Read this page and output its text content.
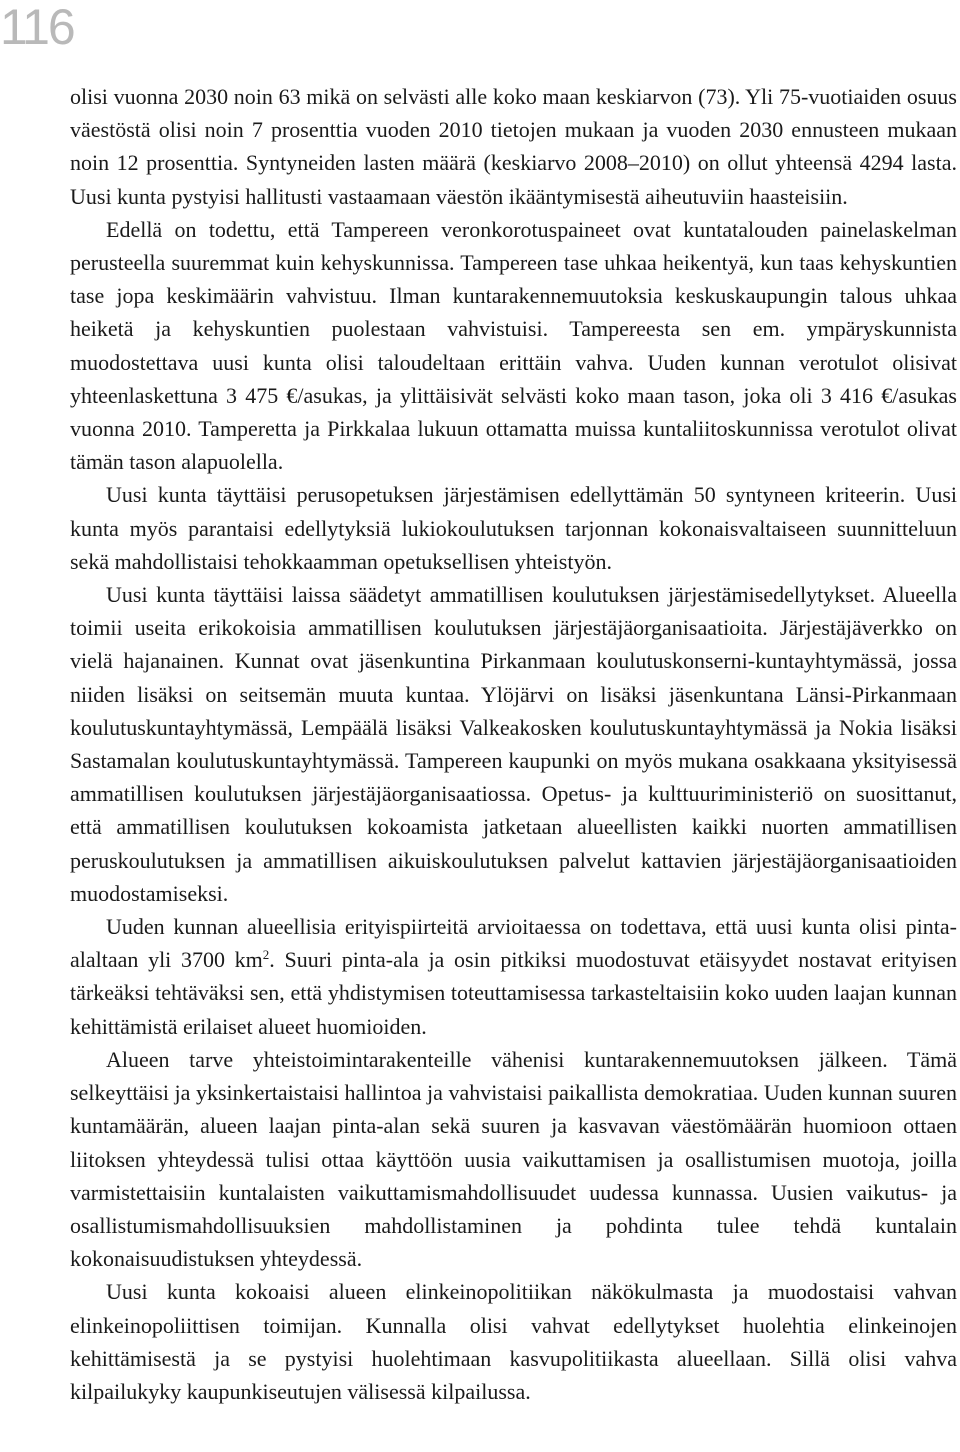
116

olisi vuonna 2030 noin 63 mikä on selvästi alle koko maan keskiarvon (73). Yli 75-vuotiaiden osuus väestöstä olisi noin 7 prosenttia vuoden 2010 tietojen mukaan ja vuoden 2030 ennusteen mukaan noin 12 prosenttia. Syntyneiden lasten määrä (keskiarvo 2008–2010) on ollut yhteensä 4294 lasta. Uusi kunta pystyisi hallitusti vastaamaan väestön ikääntymisestä aiheutuviin haasteisiin.

Edellä on todettu, että Tampereen veronkorotuspaineet ovat kuntatalouden painelaskelman perusteella suuremmat kuin kehyskunnissa. Tampereen tase uhkaa heikentyä, kun taas kehyskuntien tase jopa keskimäärin vahvistuu. Ilman kuntarakennemuutoksia keskuskaupungin talous uhkaa heiketä ja kehyskuntien puolestaan vahvistuisi. Tampereesta sen em. ympäryskunnista muodostettava uusi kunta olisi taloudeltaan erittäin vahva. Uuden kunnan verotulot olisivat yhteenlaskettuna 3 475 €/asukas, ja ylittäisivät selvästi koko maan tason, joka oli 3 416 €/asukas vuonna 2010. Tamperetta ja Pirkkalaa lukuun ottamatta muissa kuntaliitoskunnissa verotulot olivat tämän tason alapuolella.

Uusi kunta täyttäisi perusopetuksen järjestämisen edellyttämän 50 syntyneen kriteerin. Uusi kunta myös parantaisi edellytyksiä lukiokoulutuksen tarjonnan kokonaisvaltaiseen suunnitteluun sekä mahdollistaisi tehokkaamman opetuksellisen yhteistyön.

Uusi kunta täyttäisi laissa säädetyt ammatillisen koulutuksen järjestämisedellytykset. Alueella toimii useita erikokoisia ammatillisen koulutuksen järjestäjäorganisaatioita. Järjestäjäverkko on vielä hajanainen. Kunnat ovat jäsenkuntina Pirkanmaan koulutuskonserni-kuntayhtymässä, jossa niiden lisäksi on seitsemän muuta kuntaa. Ylöjärvi on lisäksi jäsenkuntana Länsi-Pirkanmaan koulutuskuntayhtymässä, Lempäälä lisäksi Valkeakosken koulutuskuntayhtymässä ja Nokia lisäksi Sastamalan koulutuskuntayhtymässä. Tampereen kaupunki on myös mukana osakkaana yksityisessä ammatillisen koulutuksen järjestäjäorganisaatiossa. Opetus- ja kulttuuriministeriö on suosittanut, että ammatillisen koulutuksen kokoamista jatketaan alueellisten kaikki nuorten ammatillisen peruskoulutuksen ja ammatillisen aikuiskoulutuksen palvelut kattavien järjestäjäorganisaatioiden muodostamiseksi.

Uuden kunnan alueellisia erityispiirteitä arvioitaessa on todettava, että uusi kunta olisi pinta-alaltaan yli 3700 $km^2$. Suuri pinta-ala ja osin pitkiksi muodostuvat etäisyydet nostavat erityisen tärkeäksi tehtäväksi sen, että yhdistymisen toteuttamisessa tarkasteltaisiin koko uuden laajan kunnan kehittämistä erilaiset alueet huomioiden.

Alueen tarve yhteistoimintarakenteille vähenisi kuntarakennemuutoksen jälkeen. Tämä selkeyttäisi ja yksinkertaistaisi hallintoa ja vahvistaisi paikallista demokratiaa. Uuden kunnan suuren kuntamäärän, alueen laajan pinta-alan sekä suuren ja kasvavan väestömäärän huomioon ottaen liitoksen yhteydessä tulisi ottaa käyttöön uusia vaikuttamisen ja osallistumisen muotoja, joilla varmistettaisiin kuntalaisten vaikuttamismahdollisuudet uudessa kunnassa. Uusien vaikutus- ja osallistumismahdollisuuksien mahdollistaminen ja pohdinta tulee tehdä kuntalain kokonaisuudistuksen yhteydessä.

Uusi kunta kokoaisi alueen elinkeinopolitiikan näkökulmasta ja muodostaisi vahvan elinkeinopoliittisen toimijan. Kunnalla olisi vahvat edellytykset huolehtia elinkeinojen kehittämisestä ja se pystyisi huolehtimaan kasvupolitiikasta alueellaan. Sillä olisi vahva kilpailukyky kaupunkiseutujen välisessä kilpailussa.
